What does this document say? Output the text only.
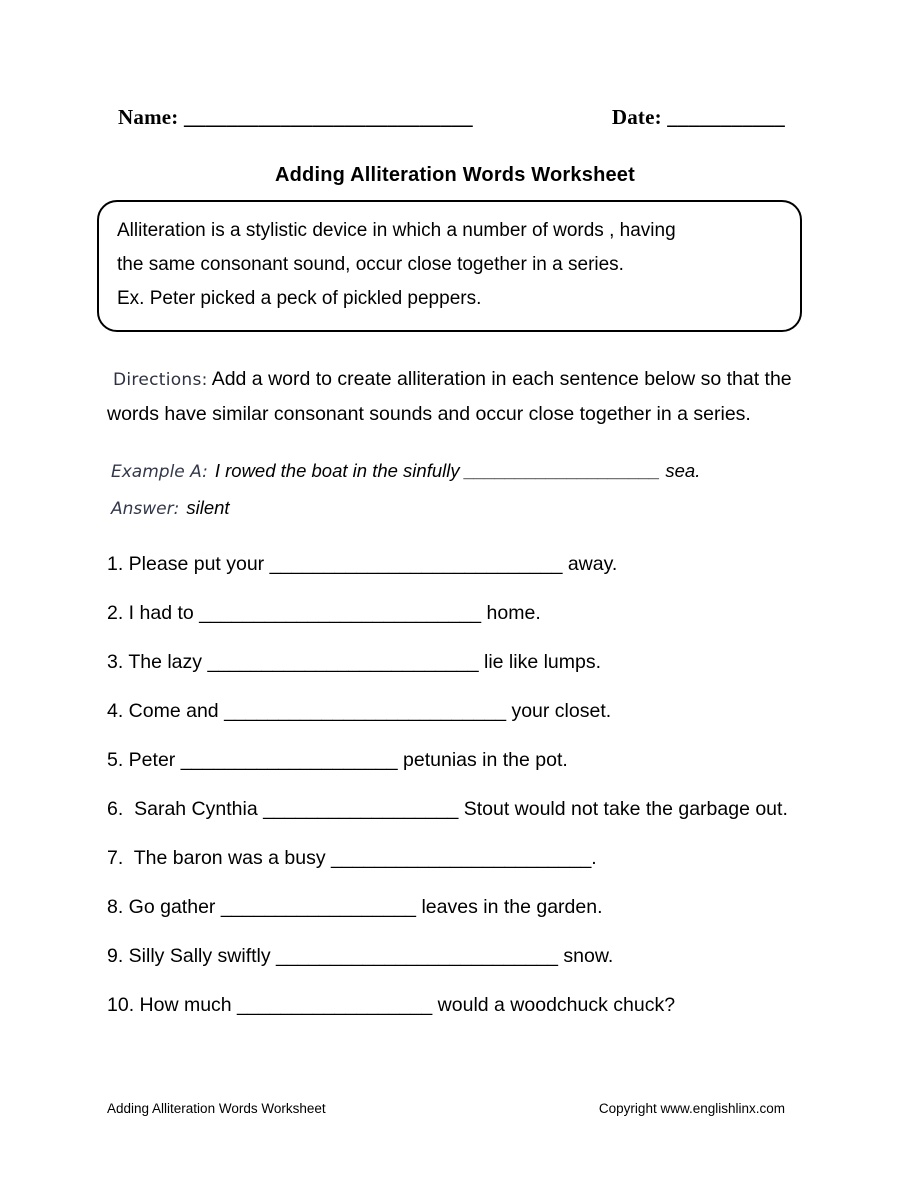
Name: ___________________________	Date: ___________
Adding Alliteration Words Worksheet
Alliteration is a stylistic device in which a number of words , having
the same consonant sound, occur close together in a series.
Ex. Peter picked a peck of pickled peppers.

Directions: Add a word to create alliteration in each sentence below so that the words have similar consonant sounds and occur close together in a series.

Example A: I rowed the boat in the sinfully ___________________ sea.
Answer: silent
1. Please put your ___________________________ away.
2. I had to __________________________ home.
3. The lazy _________________________ lie like lumps.
4. Come and __________________________ your closet.
5. Peter ____________________ petunias in the pot.
6.  Sarah Cynthia __________________ Stout would not take the garbage out.
7.  The baron was a busy ________________________.
8. Go gather __________________ leaves in the garden.
9. Silly Sally swiftly __________________________ snow.
10. How much __________________ would a woodchuck chuck?
Adding Alliteration Words Worksheet	Copyright www.englishlinx.com
